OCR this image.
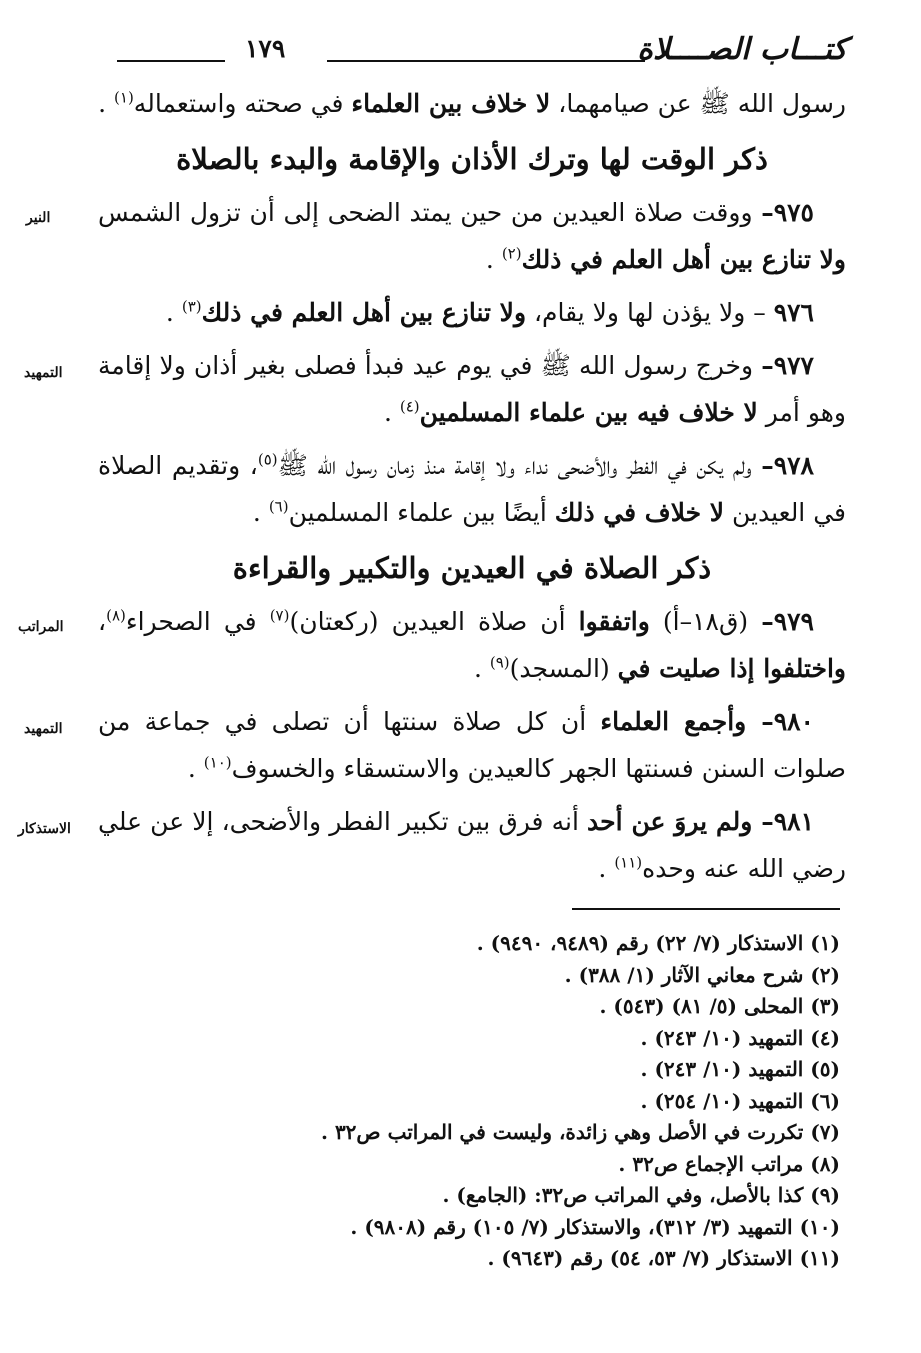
كتـــاب الصــــلاة
١٧٩

رسول الله ﷺ عن صيامهما، لا خلاف بين العلماء في صحته واستعماله$^{(١)}$ .

ذكر الوقت لها وترك الأذان والإقامة والبدء بالصلاة

٩٧٥– ووقت صلاة العيدين من حين يمتد الضحى إلى أن تزول الشمس ولا تنازع بين أهل العلم في ذلك$^{(٢)}$ .
النير

٩٧٦ – ولا يؤذن لها ولا يقام، ولا تنازع بين أهل العلم في ذلك$^{(٣)}$ .

٩٧٧– وخرج رسول الله ﷺ في يوم عيد فبدأ فصلى بغير أذان ولا إقامة وهو أمر لا خلاف فيه بين علماء المسلمين$^{(٤)}$ .
التمهيد

٩٧٨– ولم يكن في الفطر والأضحى نداء ولا إقامة منذ زمان رسول الله ﷺ$^{(٥)}$، وتقديم الصلاة في العيدين لا خلاف في ذلك أيضًا بين علماء المسلمين$^{(٦)}$ .

ذكر الصلاة في العيدين والتكبير والقراءة

٩٧٩– (ق١٨–أ) واتفقوا أن صلاة العيدين (ركعتان)$^{(٧)}$ في الصحراء$^{(٨)}$، واختلفوا إذا صليت في (المسجد)$^{(٩)}$ .
المراتب

٩٨٠– وأجمع العلماء أن كل صلاة سنتها أن تصلى في جماعة من صلوات السنن فسنتها الجهر كالعيدين والاستسقاء والخسوف$^{(١٠)}$ .
التمهيد

٩٨١– ولم يروَ عن أحد أنه فرق بين تكبير الفطر والأضحى، إلا عن علي رضي الله عنه وحده$^{(١١)}$ .
الاستذكار

(١) الاستذكار (٧/ ٢٢) رقم (٩٤٨٩، ٩٤٩٠) .

(٢) شرح معاني الآثار (١/ ٣٨٨) .

(٣) المحلى (٥/ ٨١) (٥٤٣) .

(٤) التمهيد (١٠/ ٢٤٣) .

(٥) التمهيد (١٠/ ٢٤٣) .

(٦) التمهيد (١٠/ ٢٥٤) .

(٧) تكررت في الأصل وهي زائدة، وليست في المراتب ص٣٢ .

(٨) مراتب الإجماع ص٣٢ .

(٩) كذا بالأصل، وفي المراتب ص٣٢: (الجامع) .

(١٠) التمهيد (٣/ ٣١٢)، والاستذكار (٧/ ١٠٥) رقم (٩٨٠٨) .

(١١) الاستذكار (٧/ ٥٣، ٥٤) رقم (٩٦٤٣) .
